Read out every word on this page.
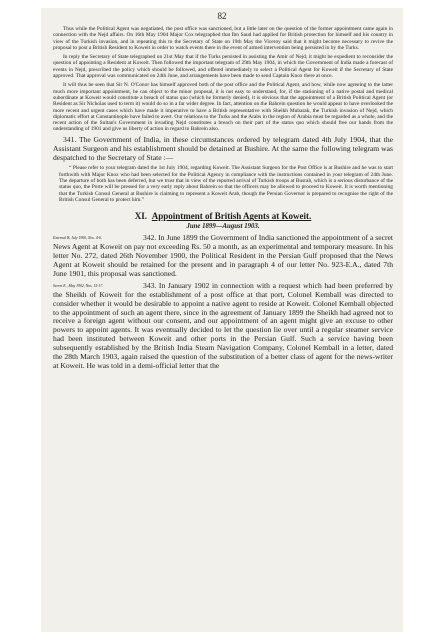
82

Thus while the Political Agent was negotiated, the post office was sanctioned, but a little later on the question of the former appointment came again in connection with the Nejd affairs. On 16th May 1904 Major Cox telegraphed that Ibn Saud had applied for British protection for himself and his country in view of the Turkish invasion, and in repeating this to the Secretary of State on 19th May the Viceroy said that it might become necessary to revive the proposal to post a British Resident to Koweit in order to watch events there in the event of armed intervention being persisted in by the Turks.

In reply the Secretary of State telegraphed on 21st May that if the Turks persisted in assisting the Amir of Nejd, it might be expedient to reconsider the question of appointing a Resident at Koweit. Then followed the important telegram of 29th May 1904, in which the Government of India made a forecast of events in Nejd, prescribed the policy which should be followed, and offered immediately to select a Political Agent for Koweit if the Secretary of State approved. That approval was communicated on 24th June, and arrangements have been made to send Captain Knox there at once.

It will thus be seen that Sir N. O'Conor has himself approved both of the post office and the Political Agent, and how, while now agreeing to the latter much more important appointment, he can object to the minor proposal, it is not easy to understand, for, if the stationing of a native postal and medical subordinate at Koweit would constitute a breach of status quo (which he formerly denied), it is obvious that the appointment of a British Political Agent (or Resident as Sir Nicholas used to term it) would do so in a far wider degree. In fact, attention on the Bahrein question he would appear to have overlooked the more recent and urgent cases which have made it imperative to have a British representative with Sheikh Mubarak, the Turkish invasion of Nejd, which diplomatic effort at Constantinople have failed to avert. Our relations to the Turks and the Arabs in the region of Arabia must be regarded as a whole, and the recent action of the Sultan's Government in invading Nejd constitutes a breach on their part of the status quo which should free our hands from the understanding of 1901 and give us liberty of action in regard to Bahrein also.

341. The Government of India, in these circumstances ordered by telegram dated 4th July 1904, that the Assistant Surgeon and his establishment should be detained at Bushire. At the same the following telegram was despatched to the Secretary of State :—

“ Please refer to your telegram dated the 1st July 1904, regarding Koweit. The Assistant Surgeon for the Post Office is at Bushire and he was to start forthwith with Major Knox who had been selected for the Political Agency in compliance with the instructions contained in your telegram of 24th June. The departure of both has been deferred, but we trust that in view of the reported arrival of Turkish troops at Busrah, which is a serious disturbance of the status quo, the Porte will be pressed for a very early reply about Bahrein so that the officers may be allowed to proceed to Koweit. It is worth mentioning that the Turkish Consul General at Bushire is claiming to represent a Koweit Arab, though the Persian Governor is prepared to recognise the right of the British Consul General to protect him.”

XI. Appointment of British Agents at Koweit.
June 1899—August 1903.
External B, July 1900, Nos. 4-6.	342. In June 1899 the Government of India sanctioned the appointment of a secret News Agent at Koweit on pay not exceeding Rs. 50 a month, as an experimental and temporary measure. In his letter No. 272, dated 26th November 1900, the Political Resident in the Persian Gulf proposed that the News Agent at Koweit should be retained for the present and in paragraph 4 of our letter No. 923-E.A., dated 7th June 1901, this proposal was sanctioned.

Secret E., May 1902, Nos. 15-17.	343. In January 1902 in connection with a request which had been preferred by the Sheikh of Koweit for the establishment of a post office at that port, Colonel Kemball was directed to consider whether it would be desirable to appoint a native agent to reside at Koweit. Colonel Kemball objected to the appointment of such an agent there, since in the agreement of January 1899 the Sheikh had agreed not to receive a foreign agent without our consent, and our appointment of an agent might give an excuse to other powers to appoint agents. It was eventually decided to let the question lie over until a regular steamer service had been instituted between Koweit and other ports in the Persian Gulf. Such a service having been subsequently established by the British India Steam Navigation Company, Colonel Kemball in a letter, dated the 28th March 1903, again raised the question of the substitution of a better class of agent for the news-writer at Koweit. He was told in a demi-official letter that the
